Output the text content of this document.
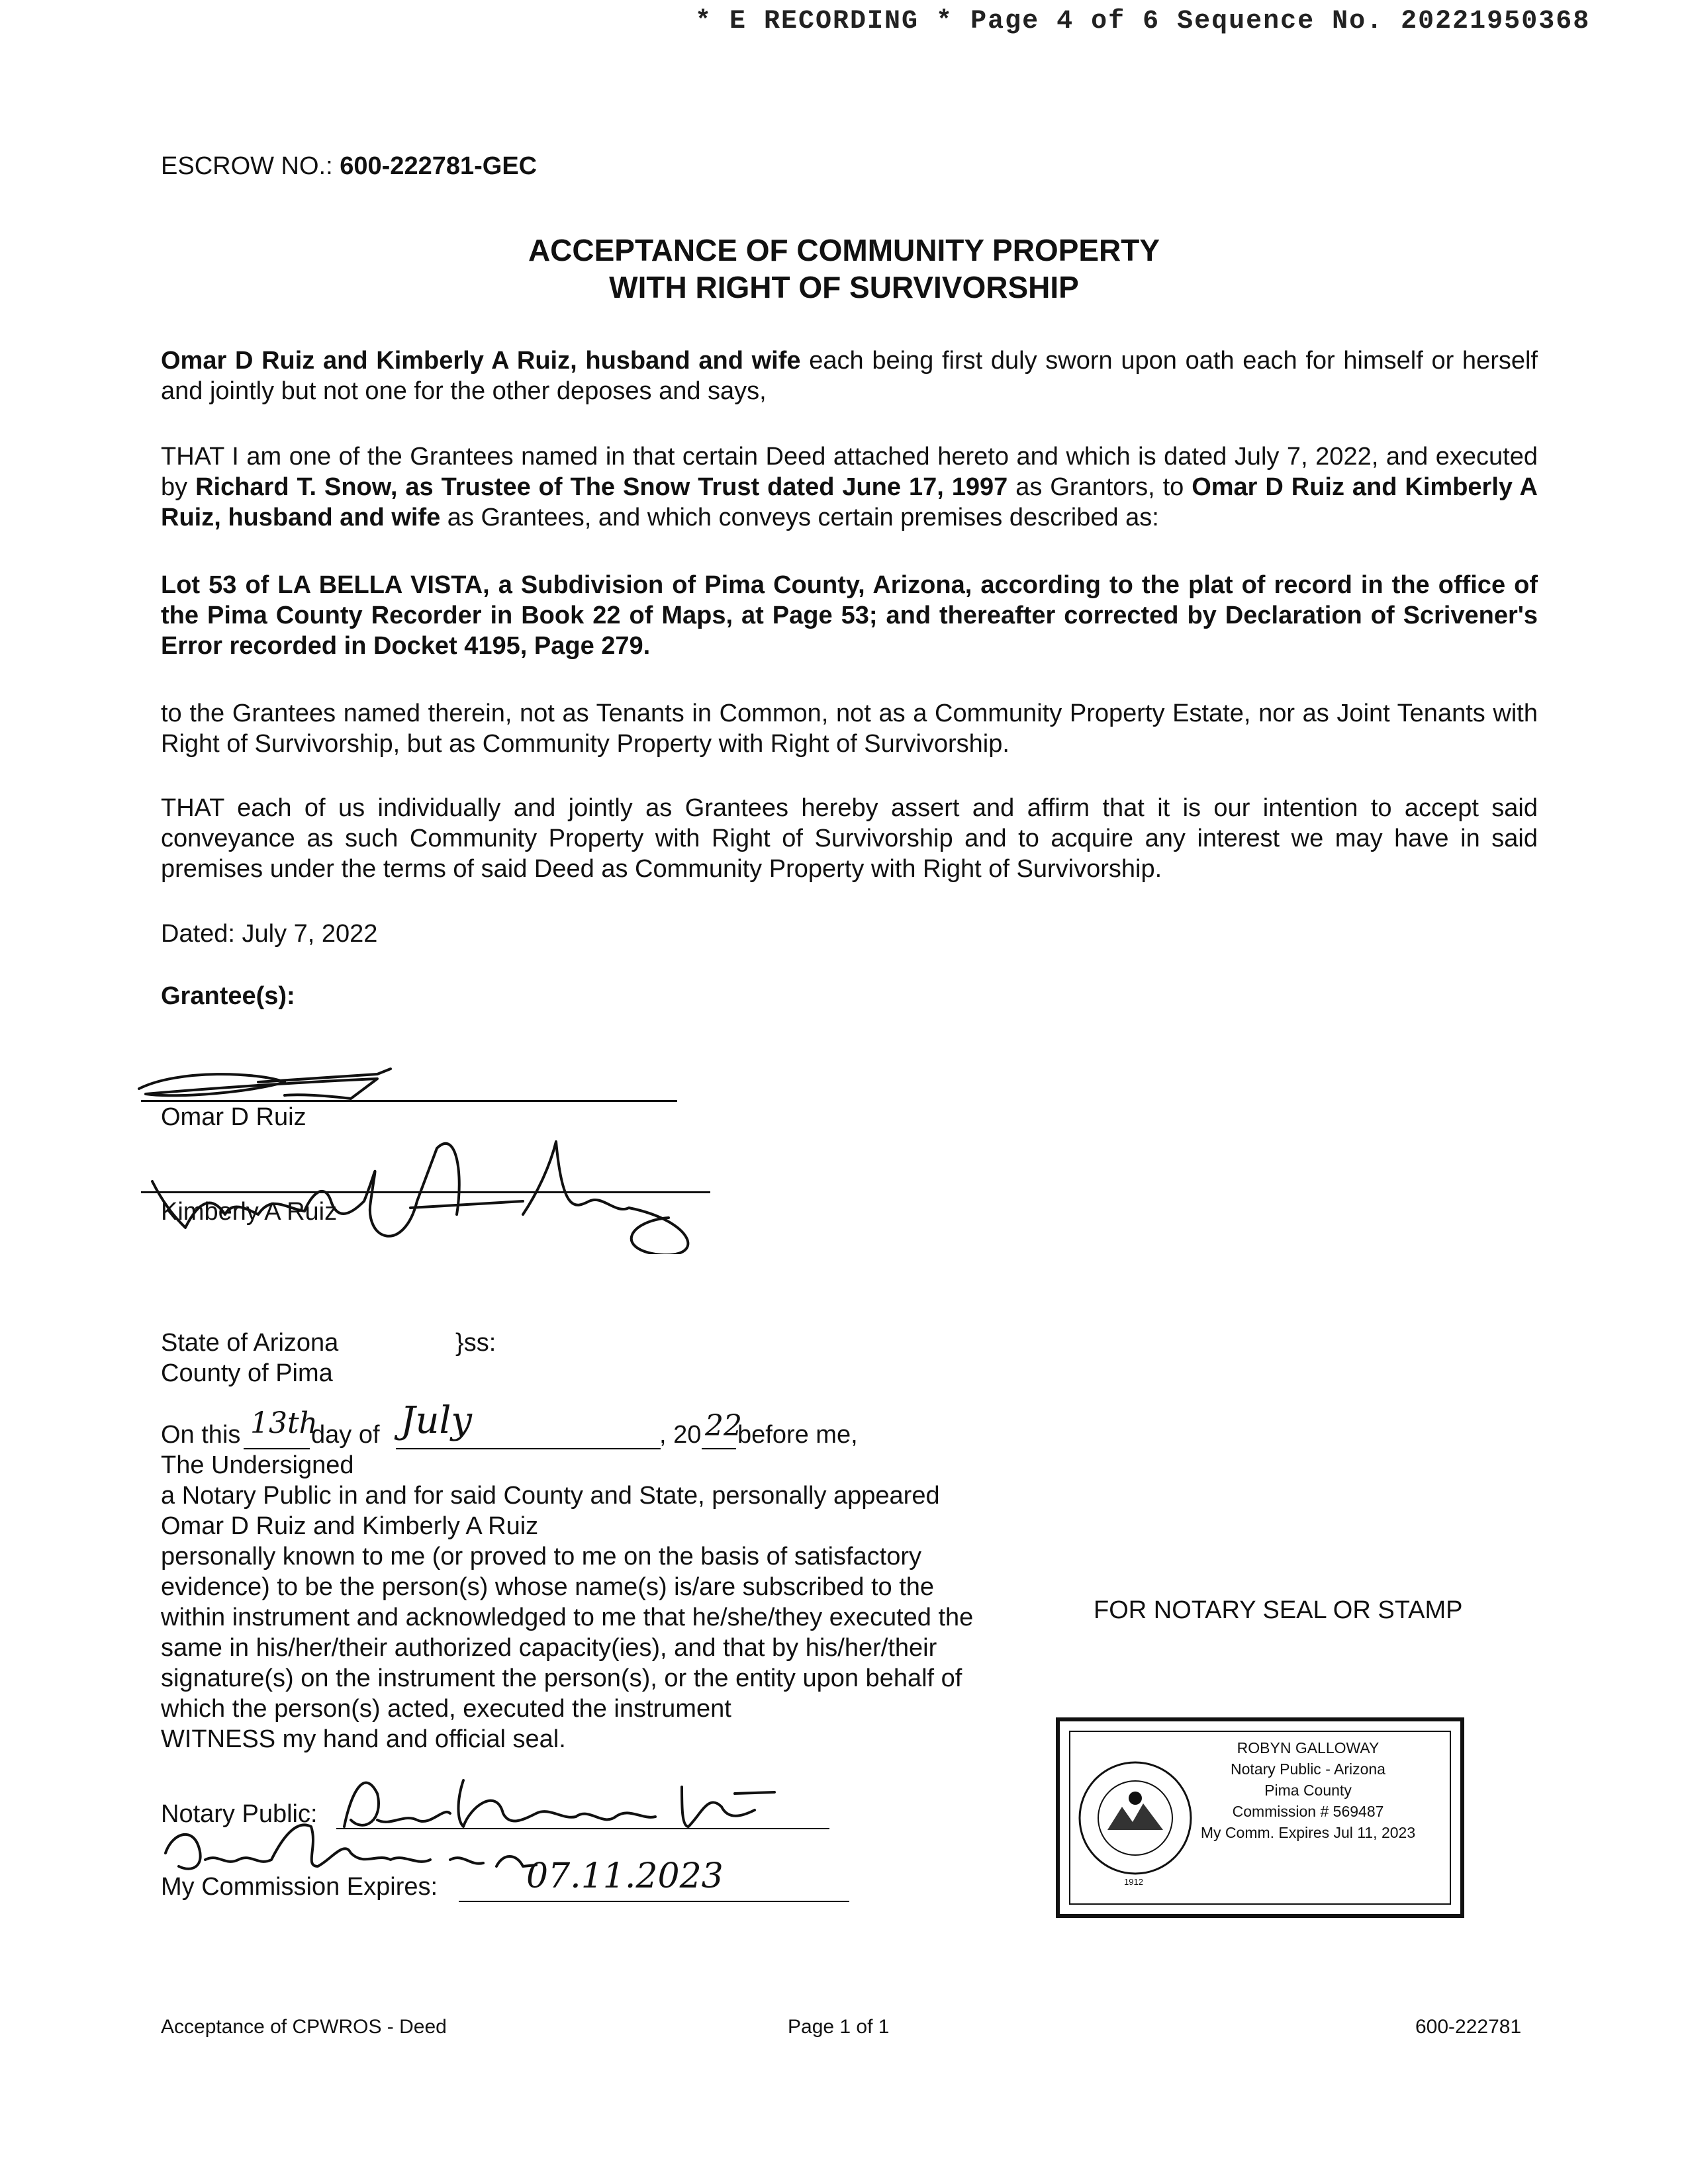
* E RECORDING * Page 4 of 6 Sequence No. 20221950368
ESCROW NO.: 600-222781-GEC
ACCEPTANCE OF COMMUNITY PROPERTY
WITH RIGHT OF SURVIVORSHIP
Omar D Ruiz and Kimberly A Ruiz, husband and wife each being first duly sworn upon oath each for himself or herself and jointly but not one for the other deposes and says,
THAT I am one of the Grantees named in that certain Deed attached hereto and which is dated July 7, 2022, and executed by Richard T. Snow, as Trustee of The Snow Trust dated June 17, 1997 as Grantors, to Omar D Ruiz and Kimberly A Ruiz, husband and wife as Grantees, and which conveys certain premises described as:
Lot 53 of LA BELLA VISTA, a Subdivision of Pima County, Arizona, according to the plat of record in the office of the Pima County Recorder in Book 22 of Maps, at Page 53; and thereafter corrected by Declaration of Scrivener's Error recorded in Docket 4195, Page 279.
to the Grantees named therein, not as Tenants in Common, not as a Community Property Estate, nor as Joint Tenants with Right of Survivorship, but as Community Property with Right of Survivorship.
THAT each of us individually and jointly as Grantees hereby assert and affirm that it is our intention to accept said conveyance as such Community Property with Right of Survivorship and to acquire any interest we may have in said premises under the terms of said Deed as Community Property with Right of Survivorship.
Dated: July 7, 2022
Grantee(s):
Omar D Ruiz
Kimberly A Ruiz
State of Arizona	}ss:
County of Pima
On this 13th
day of July	, 20 22
before me,
The Undersigned
a Notary Public in and for said County and State, personally appeared
Omar D Ruiz and Kimberly A Ruiz
personally known to me (or proved to me on the basis of satisfactory
evidence) to be the person(s) whose name(s) is/are subscribed to the
within instrument and acknowledged to me that he/she/they executed the
same in his/her/their authorized capacity(ies), and that by his/her/their
signature(s) on the instrument the person(s), or the entity upon behalf of
which the person(s) acted, executed the instrument
WITNESS my hand and official seal.
Notary Public:
My Commission Expires:	07.11.2023
FOR NOTARY SEAL OR STAMP
1912
ROBYN GALLOWAY
Notary Public - Arizona
Pima County
Commission # 569487
My Comm. Expires Jul 11, 2023
Acceptance of CPWROS - Deed	Page 1 of 1	600-222781
